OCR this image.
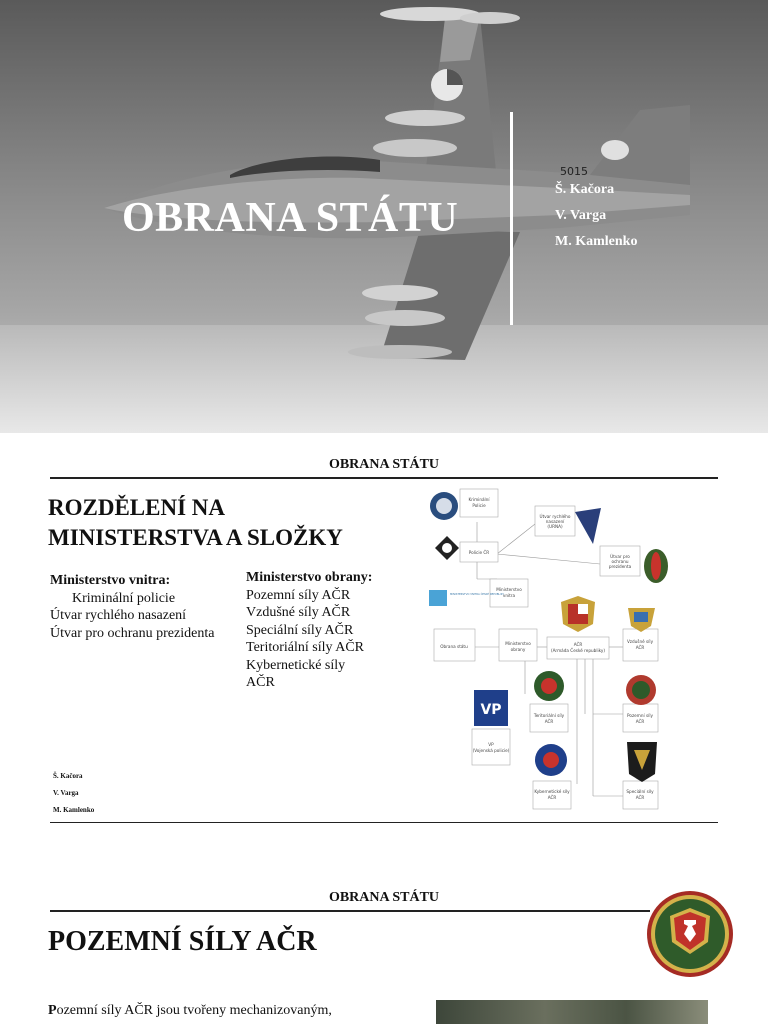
5015
OBRANA STÁTU
Š. Kačora
V. Varga
M. Kamlenko
OBRANA STÁTU
ROZDĚLENÍ NA
MINISTERSTVA A SLOŽKY
Ministerstvo vnitra:
Kriminální policie
Útvar rychlého nasazení
Útvar pro ochranu prezidenta
Ministerstvo obrany:
Pozemní síly AČR
Vzdušné síly AČR
Speciální síly AČR
Teritoriální síly AČR
Kybernetické síly
AČR
Kriminální
Policie
Policie ČR
Útvar rychlého
nasazení
(URNA)
Útvar pro
ochranu
prezidenta
Ministerstvo
vnitra
Obrana státu
Ministerstvo
obrany
AČR
(Armáda České republiky)
Vzdušné síly
AČR
Teritoriální síly
AČR
Pozemní síly
AČR
VP
(Vojenská policie)
Kybernetické síly
AČR
Speciální síly
AČR
MINISTERSTVO VNITRA ČESKÉ REPUBLIKY
VP
Š. Kačora
V. Varga
M. Kamlenko
OBRANA STÁTU
POZEMNÍ SÍLY AČR
Pozemní síly AČR jsou tvořeny mechanizovaným,
